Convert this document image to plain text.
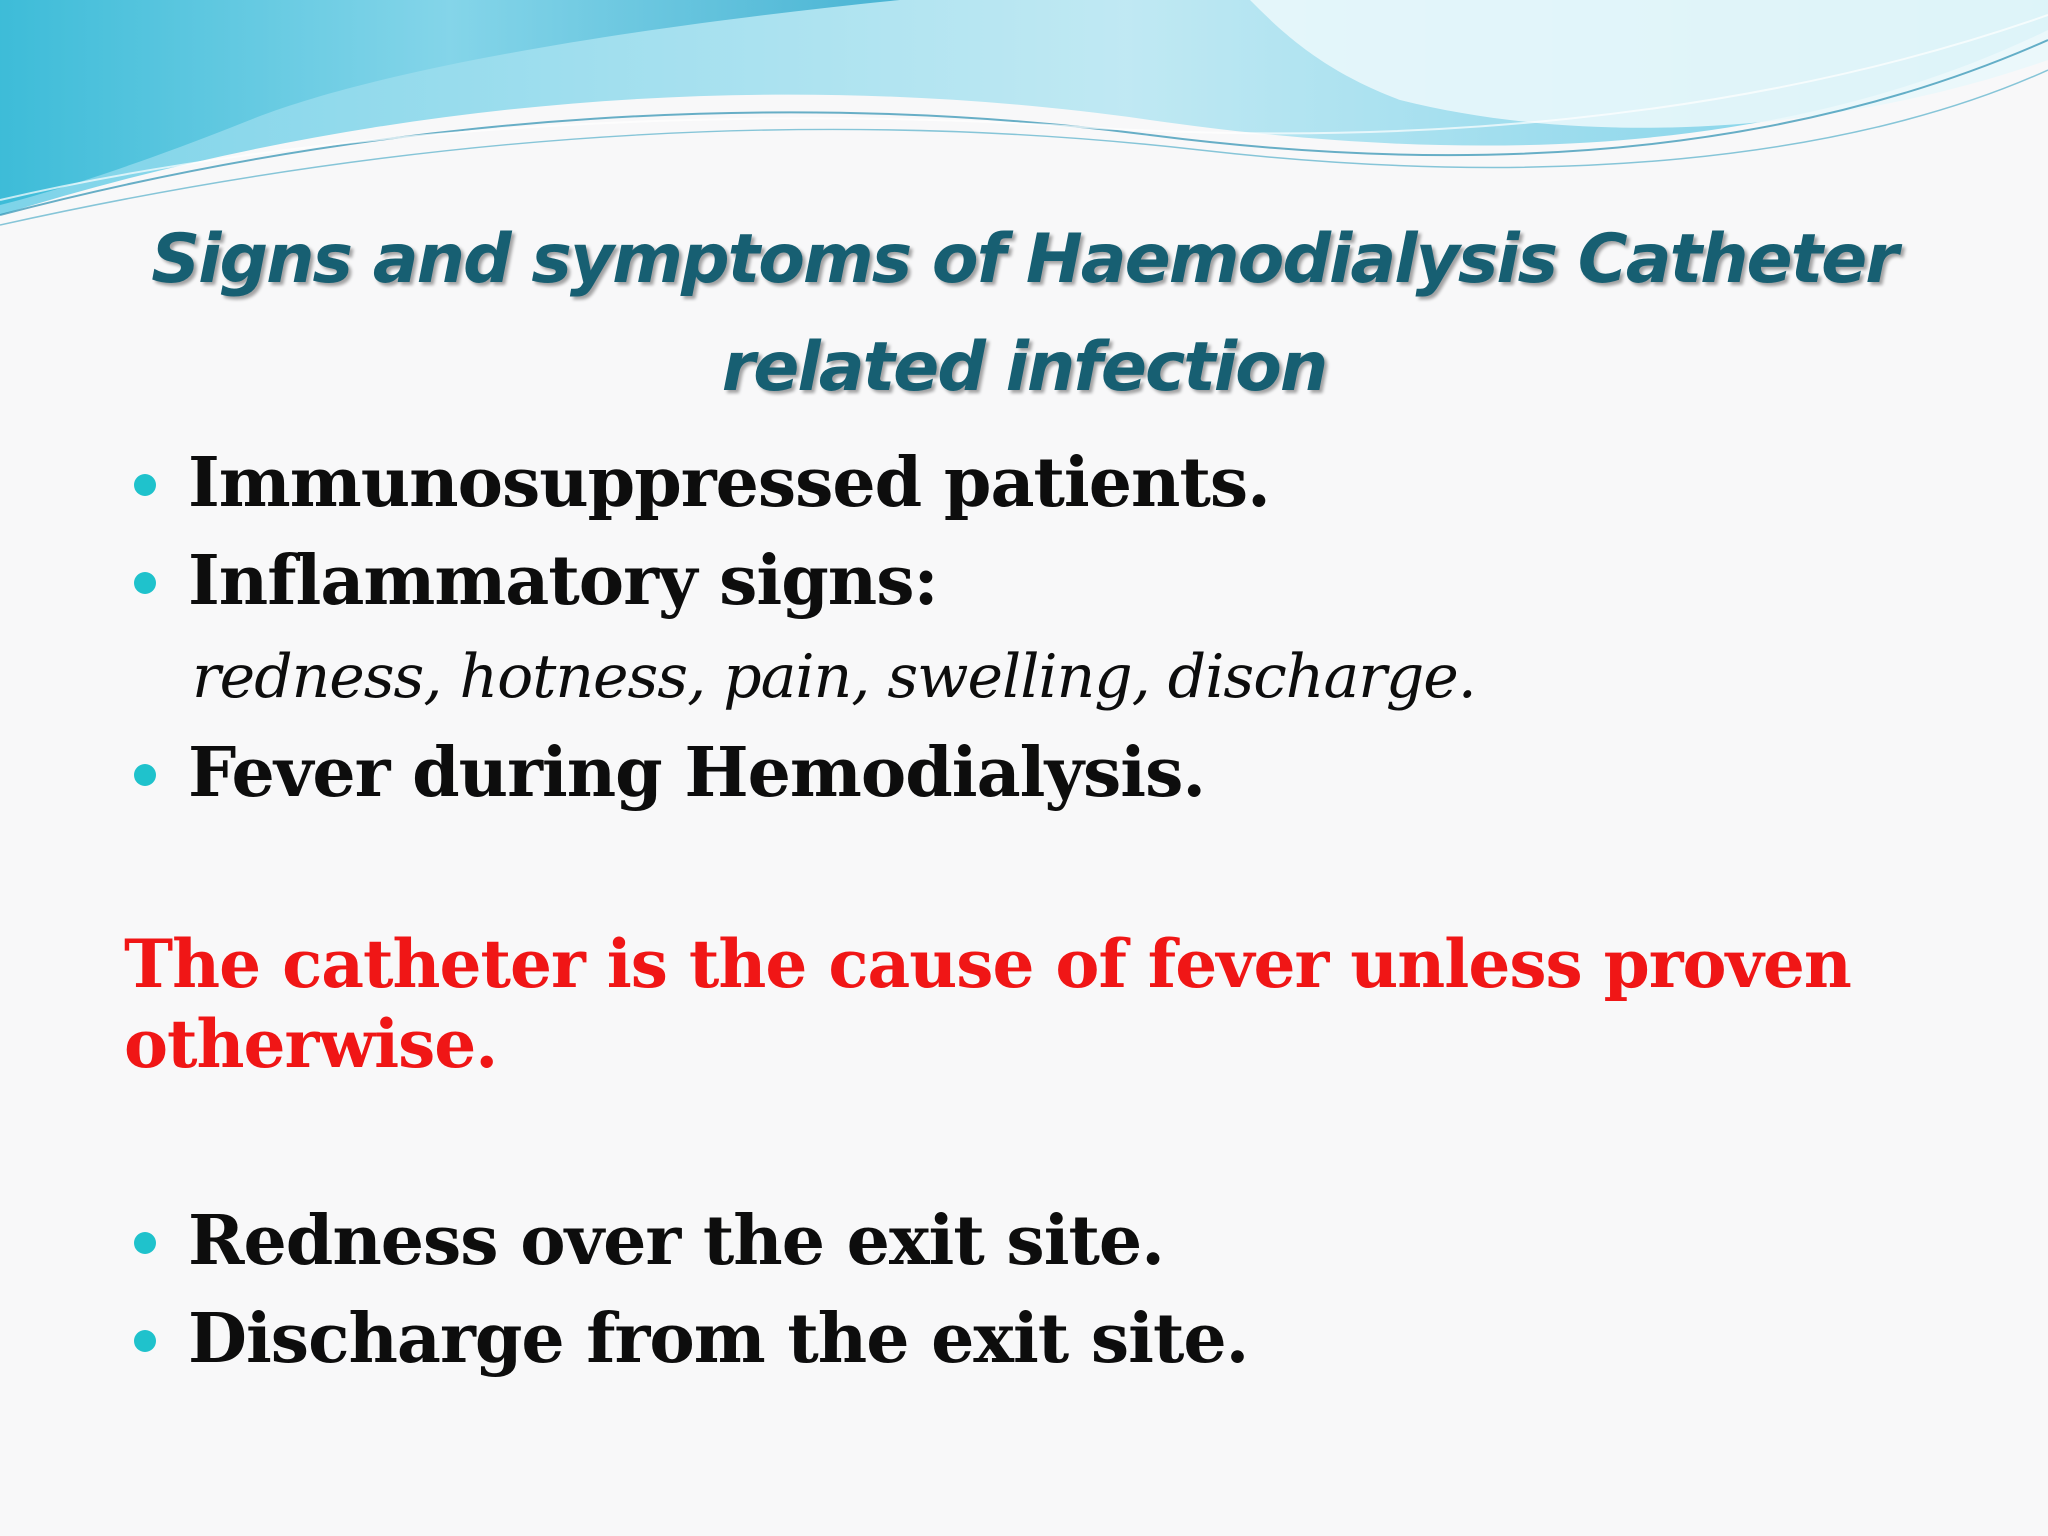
Signs and symptoms of Haemodialysis Catheter related infection
Immunosuppressed patients.
Inflammatory signs:

redness, hotness, pain, swelling, discharge.

Fever during Hemodialysis.

The catheter is the cause of fever unless proven otherwise.

Redness over the exit site.
Discharge from the exit site.
